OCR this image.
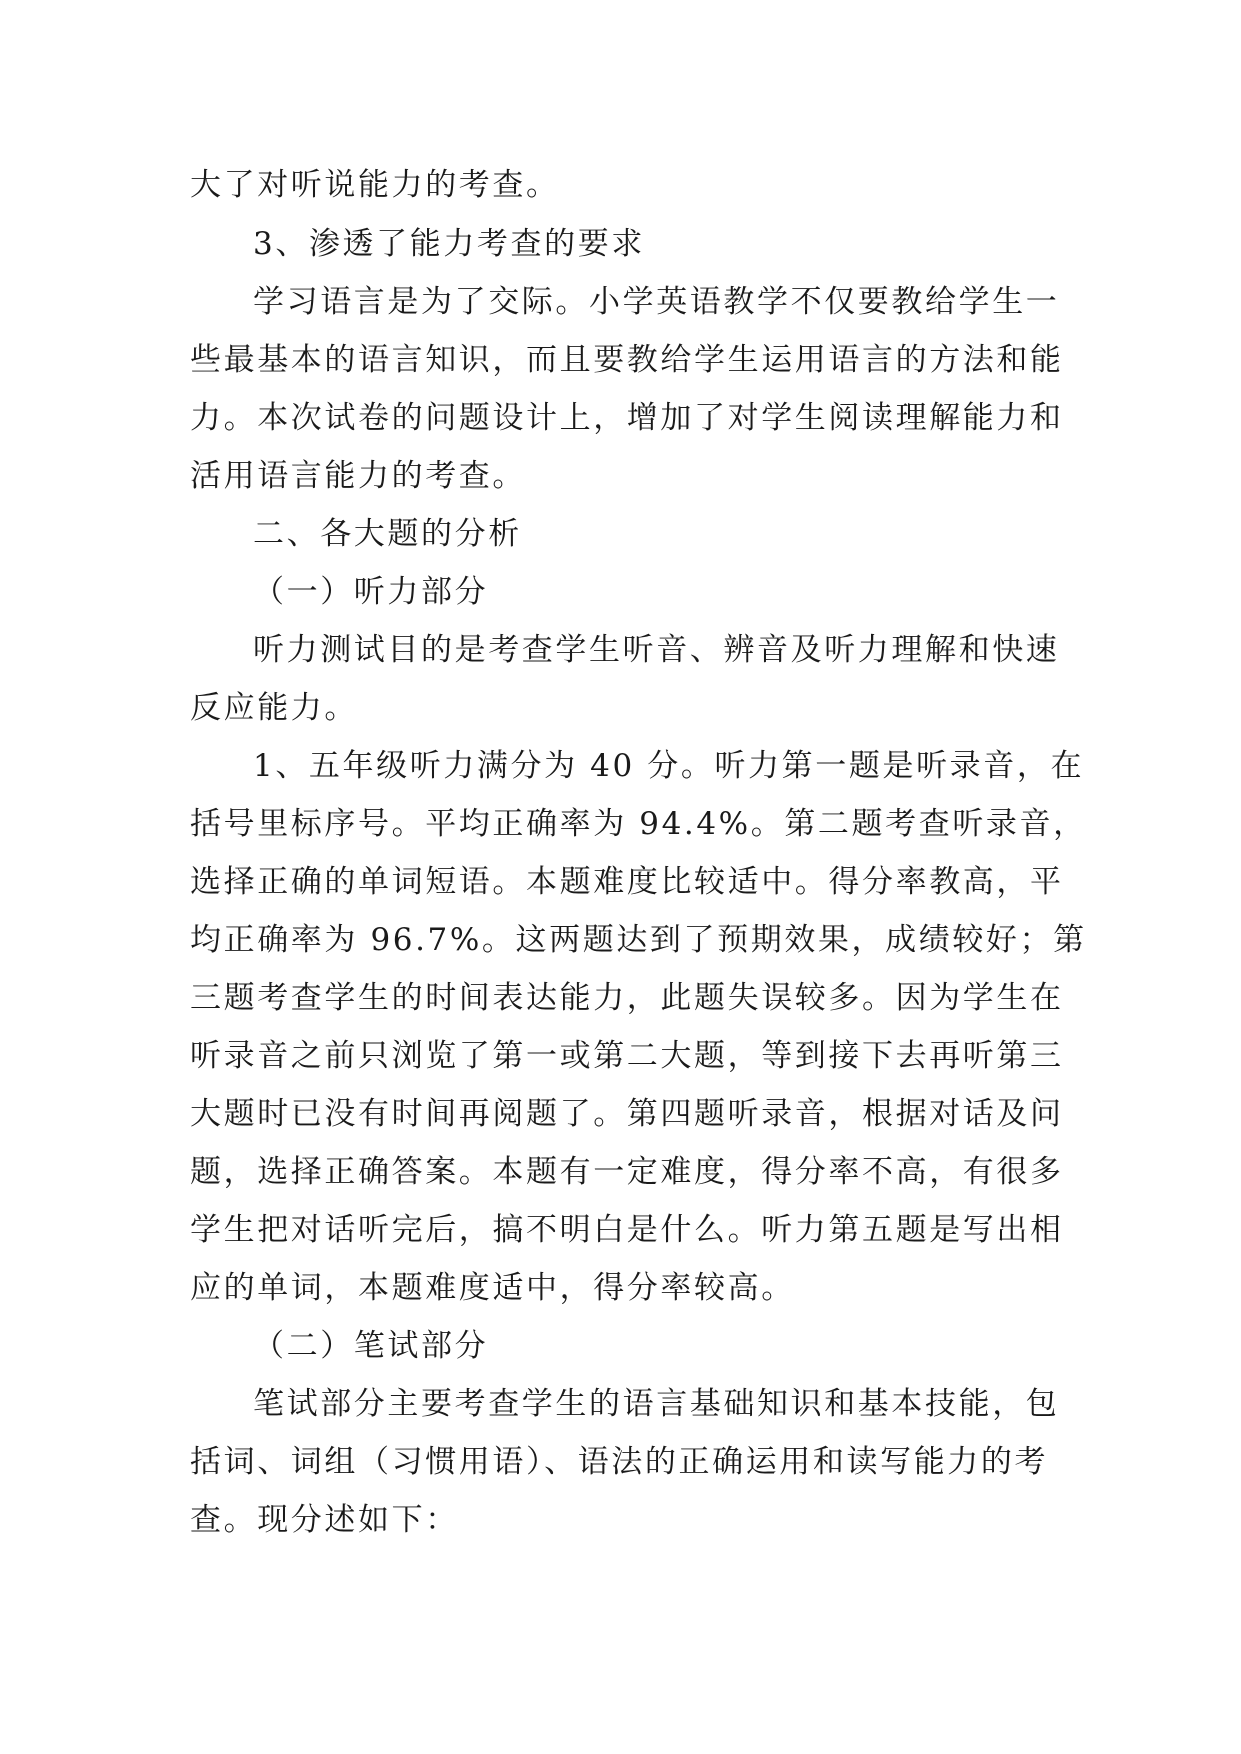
大了对听说能力的考查。

3、渗透了能力考查的要求

学习语言是为了交际。小学英语教学不仅要教给学生一

些最基本的语言知识，而且要教给学生运用语言的方法和能

力。本次试卷的问题设计上，增加了对学生阅读理解能力和

活用语言能力的考查。

二、各大题的分析

（一）听力部分

听力测试目的是考查学生听音、辨音及听力理解和快速

反应能力。

1、五年级听力满分为 40 分。听力第一题是听录音，在

括号里标序号。平均正确率为 94.4%。第二题考查听录音，

选择正确的单词短语。本题难度比较适中。得分率教高，平

均正确率为 96.7%。这两题达到了预期效果，成绩较好；第

三题考查学生的时间表达能力，此题失误较多。因为学生在

听录音之前只浏览了第一或第二大题，等到接下去再听第三

大题时已没有时间再阅题了。第四题听录音，根据对话及问

题，选择正确答案。本题有一定难度，得分率不高，有很多

学生把对话听完后，搞不明白是什么。听力第五题是写出相

应的单词，本题难度适中，得分率较高。

（二）笔试部分

笔试部分主要考查学生的语言基础知识和基本技能，包

括词、词组（习惯用语）、语法的正确运用和读写能力的考

查。现分述如下：
